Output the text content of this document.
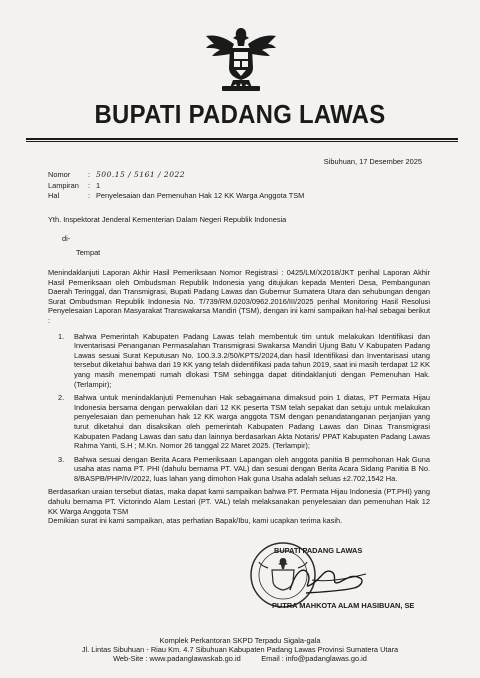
BUPATI PADANG LAWAS
Sibuhuan, 17 Desember 2025
Nomor	: 500.15 / 5161 / 2022
Lampiran	: 1
Hal	: Penyelesaian dan Pemenuhan Hak 12 KK Warga Anggota TSM
Yth. Inspektorat Jenderal Kementerian Dalam Negeri Republik Indonesia
di-
Tempat

Menindaklanjuti Laporan Akhir Hasil Pemeriksaan Nomor Registrasi : 0425/LM/X2018/JKT perihal Laporan Akhir Hasil Pemeriksaan oleh Ombudsman Republik Indonesia yang ditujukan kepada Menteri Desa, Pembangunan Daerah Teringgal, dan Transmigrasi, Bupati Padang Lawas dan Gubernur Sumatera Utara dan sehubungan dengan Surat Ombudsman Republik Indonesia No. T/739/RM.0203/0962.2016/III/2025 perihal Monitoring Hasil Resolusi Penyelesaian Laporan Masyarakat Transwakarsa Mandiri (TSM), dengan ini kami sampaikan hal-hal sebagai berikut :

1.	Bahwa Pemerintah Kabupaten Padang Lawas telah membentuk tim untuk melakukan Identifikasi dan Inventarisasi Penanganan Permasalahan Transmigrasi Swakarsa Mandiri Ujung Batu V Kabupaten Padang Lawas sesuai Surat Keputusan No. 100.3.3.2/50/KPTS/2024,dan hasil Identifikasi dan Inventarisasi utang tersebut diketahui bahwa dari 19 KK yang telah diidentifikasi pada tahun 2019, saat ini masih terdapat 12 KK yang masih menempati rumah dlokasi TSM sehingga dapat ditindaklanjuti dengan Pemenuhan Hak. (Terlampir);
2.	Bahwa untuk menindaklanjuti Pemenuhan Hak sebagaimana dimaksud poin 1 diatas, PT Permata Hijau Indonesia bersama dengan perwakilan dari 12 KK peserta TSM telah sepakat dan setuju untuk melakukan penyelesaian dan pemenuhan hak 12 KK warga anggota TSM dengan penandatanganan perjanjian yang turut diketahui dan disaksikan oleh pemerintah Kabupaten Padang Lawas dan Dinas Transmigrasi Kabupaten Padang Lawas dan satu dan lainnya berdasarkan Akta Notaris/ PPAT Kabupaten Padang Lawas Rahma Yanti, S.H ; M.Kn. Nomor 26 tanggal 22 Maret 2025. (Terlampir);
3.	Bahwa sesuai dengan Berita Acara Pemeriksaan Lapangan oleh anggota panitia B permohonan Hak Guna usaha atas nama PT. PHI (dahulu bernama PT. VAL) dan sesuai dengan Berita Acara Sidang Panitia B No. 8/BASPB/PHP/IV/2022, luas lahan yang dimohon Hak guna Usaha adalah seluas ±2.702,1542 Ha.

Berdasarkan uraian tersebut diatas, maka dapat kami sampaikan bahwa PT. Permata Hijau Indonesia (PT.PHI) yang dahulu bernama PT. Victorindo Alam Lestari (PT. VAL) telah melaksanakan penyelesaian dan pemenuhan Hak 12 KK Warga Anggota TSM

Demikian surat ini kami sampaikan, atas perhatian Bapak/Ibu, kami ucapkan terima kasih.

BUPATI PADANG LAWAS
PUTRA MAHKOTA ALAM HASIBUAN, SE
Komplek Perkantoran SKPD Terpadu Sigala-gala
Jl. Lintas Sibuhuan - Riau Km. 4.7 Sibuhuan Kabupaten Padang Lawas Provinsi Sumatera Utara
Web-Site : www.padanglawaskab.go.id          Email : info@padanglawas.go.id
